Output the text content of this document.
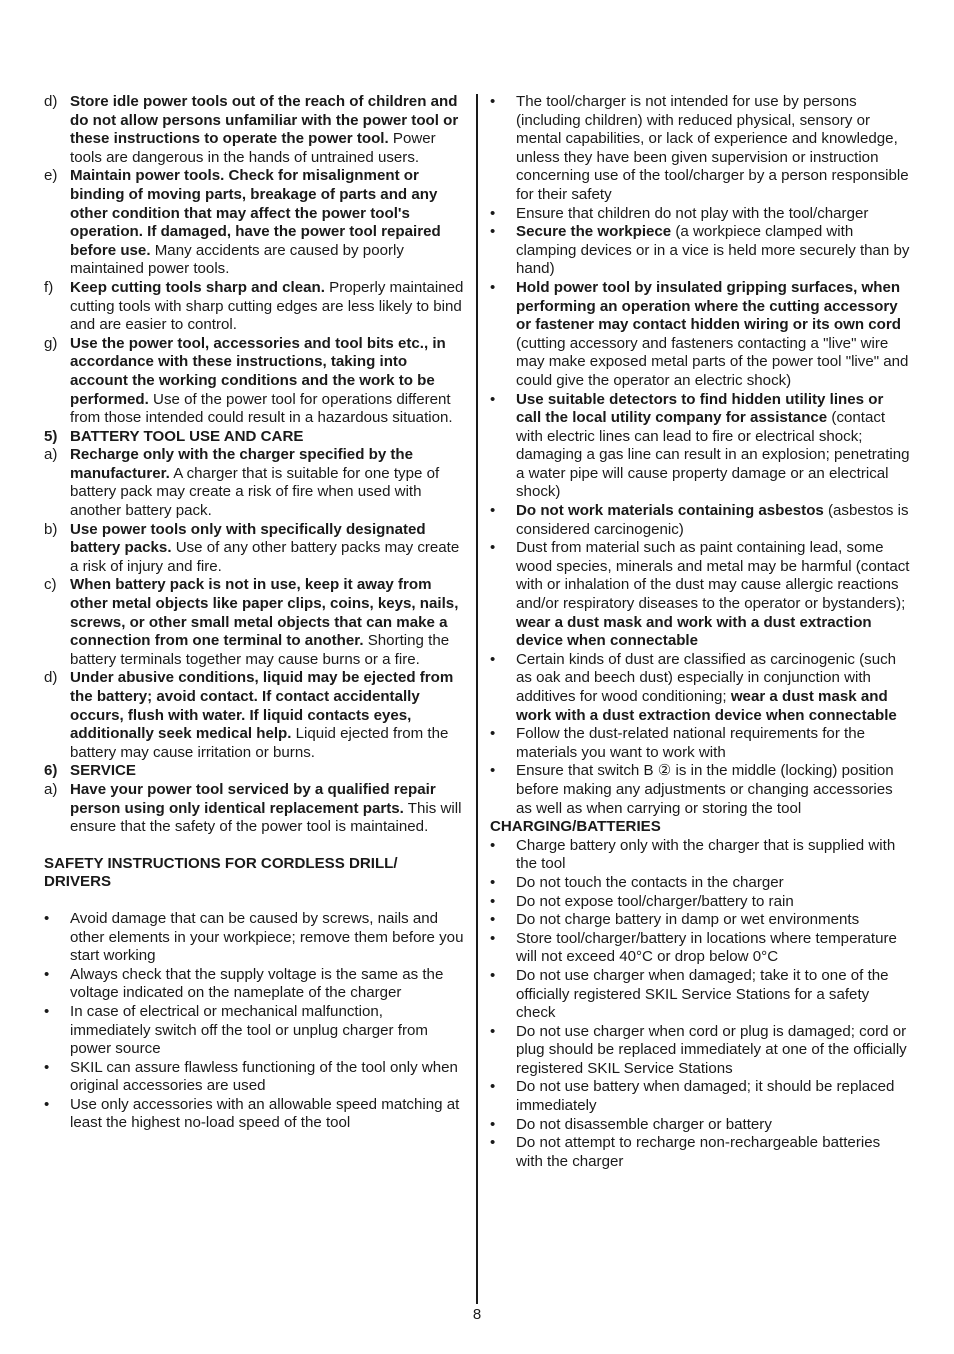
d) Store idle power tools out of the reach of children and do not allow persons unfamiliar with the power tool or these instructions to operate the power tool. Power tools are dangerous in the hands of untrained users.
e) Maintain power tools. Check for misalignment or binding of moving parts, breakage of parts and any other condition that may affect the power tool's operation. If damaged, have the power tool repaired before use. Many accidents are caused by poorly maintained power tools.
f)	Keep cutting tools sharp and clean. Properly maintained cutting tools with sharp cutting edges are less likely to bind and are easier to control.
g) Use the power tool, accessories and tool bits etc., in accordance with these instructions, taking into account the working conditions and the work to be performed. Use of the power tool for operations different from those intended could result in a hazardous situation.
5) BATTERY TOOL USE AND CARE
a) Recharge only with the charger specified by the manufacturer. A charger that is suitable for one type of battery pack may create a risk of fire when used with another battery pack.
b) Use power tools only with specifically designated battery packs. Use of any other battery packs may create a risk of injury and fire.
c) When battery pack is not in use, keep it away from other metal objects like paper clips, coins, keys, nails, screws, or other small metal objects that can make a connection from one terminal to another. Shorting the battery terminals together may cause burns or a fire.
d) Under abusive conditions, liquid may be ejected from the battery; avoid contact. If contact accidentally occurs, flush with water. If liquid contacts eyes, additionally seek medical help. Liquid ejected from the battery may cause irritation or burns.
6) SERVICE
a) Have your power tool serviced by a qualified repair person using only identical replacement parts. This will ensure that the safety of the power tool is maintained.
SAFETY INSTRUCTIONS FOR CORDLESS DRILL/ DRIVERS
•	Avoid damage that can be caused by screws, nails and other elements in your workpiece; remove them before you start working
•	Always check that the supply voltage is the same as the voltage indicated on the nameplate of the charger
•	In case of electrical or mechanical malfunction, immediately switch off the tool or unplug charger from power source
•	SKIL can assure flawless functioning of the tool only when original accessories are used
•	Use only accessories with an allowable speed matching at least the highest no-load speed of the tool
•	The tool/charger is not intended for use by persons (including children) with reduced physical, sensory or mental capabilities, or lack of experience and knowledge, unless they have been given supervision or instruction concerning use of the tool/charger by a person responsible for their safety
•	Ensure that children do not play with the tool/charger
•	Secure the workpiece (a workpiece clamped with clamping devices or in a vice is held more securely than by hand)
•	Hold power tool by insulated gripping surfaces, when performing an operation where the cutting accessory or fastener may contact hidden wiring or its own cord (cutting accessory and fasteners contacting a "live" wire may make exposed metal parts of the power tool "live" and could give the operator an electric shock)
•	Use suitable detectors to find hidden utility lines or call the local utility company for assistance (contact with electric lines can lead to fire or electrical shock; damaging a gas line can result in an explosion; penetrating a water pipe will cause property damage or an electrical shock)
•	Do not work materials containing asbestos (asbestos is considered carcinogenic)
•	Dust from material such as paint containing lead, some wood species, minerals and metal may be harmful (contact with or inhalation of the dust may cause allergic reactions and/or respiratory diseases to the operator or bystanders); wear a dust mask and work with a dust extraction device when connectable
•	Certain kinds of dust are classified as carcinogenic (such as oak and beech dust) especially in conjunction with additives for wood conditioning; wear a dust mask and work with a dust extraction device when connectable
•	Follow the dust-related national requirements for the materials you want to work with
•	Ensure that switch B ② is in the middle (locking) position before making any adjustments or changing accessories as well as when carrying or storing the tool
CHARGING/BATTERIES
•	Charge battery only with the charger that is supplied with the tool
•	Do not touch the contacts in the charger
•	Do not expose tool/charger/battery to rain
•	Do not charge battery in damp or wet environments
•	Store tool/charger/battery in locations where temperature will not exceed 40°C or drop below 0°C
•	Do not use charger when damaged; take it to one of the officially registered SKIL Service Stations for a safety check
•	Do not use charger when cord or plug is damaged; cord or plug should be replaced immediately at one of the officially registered SKIL Service Stations
•	Do not use battery when damaged; it should be replaced immediately
•	Do not disassemble charger or battery
•	Do not attempt to recharge non-rechargeable batteries with the charger
8
